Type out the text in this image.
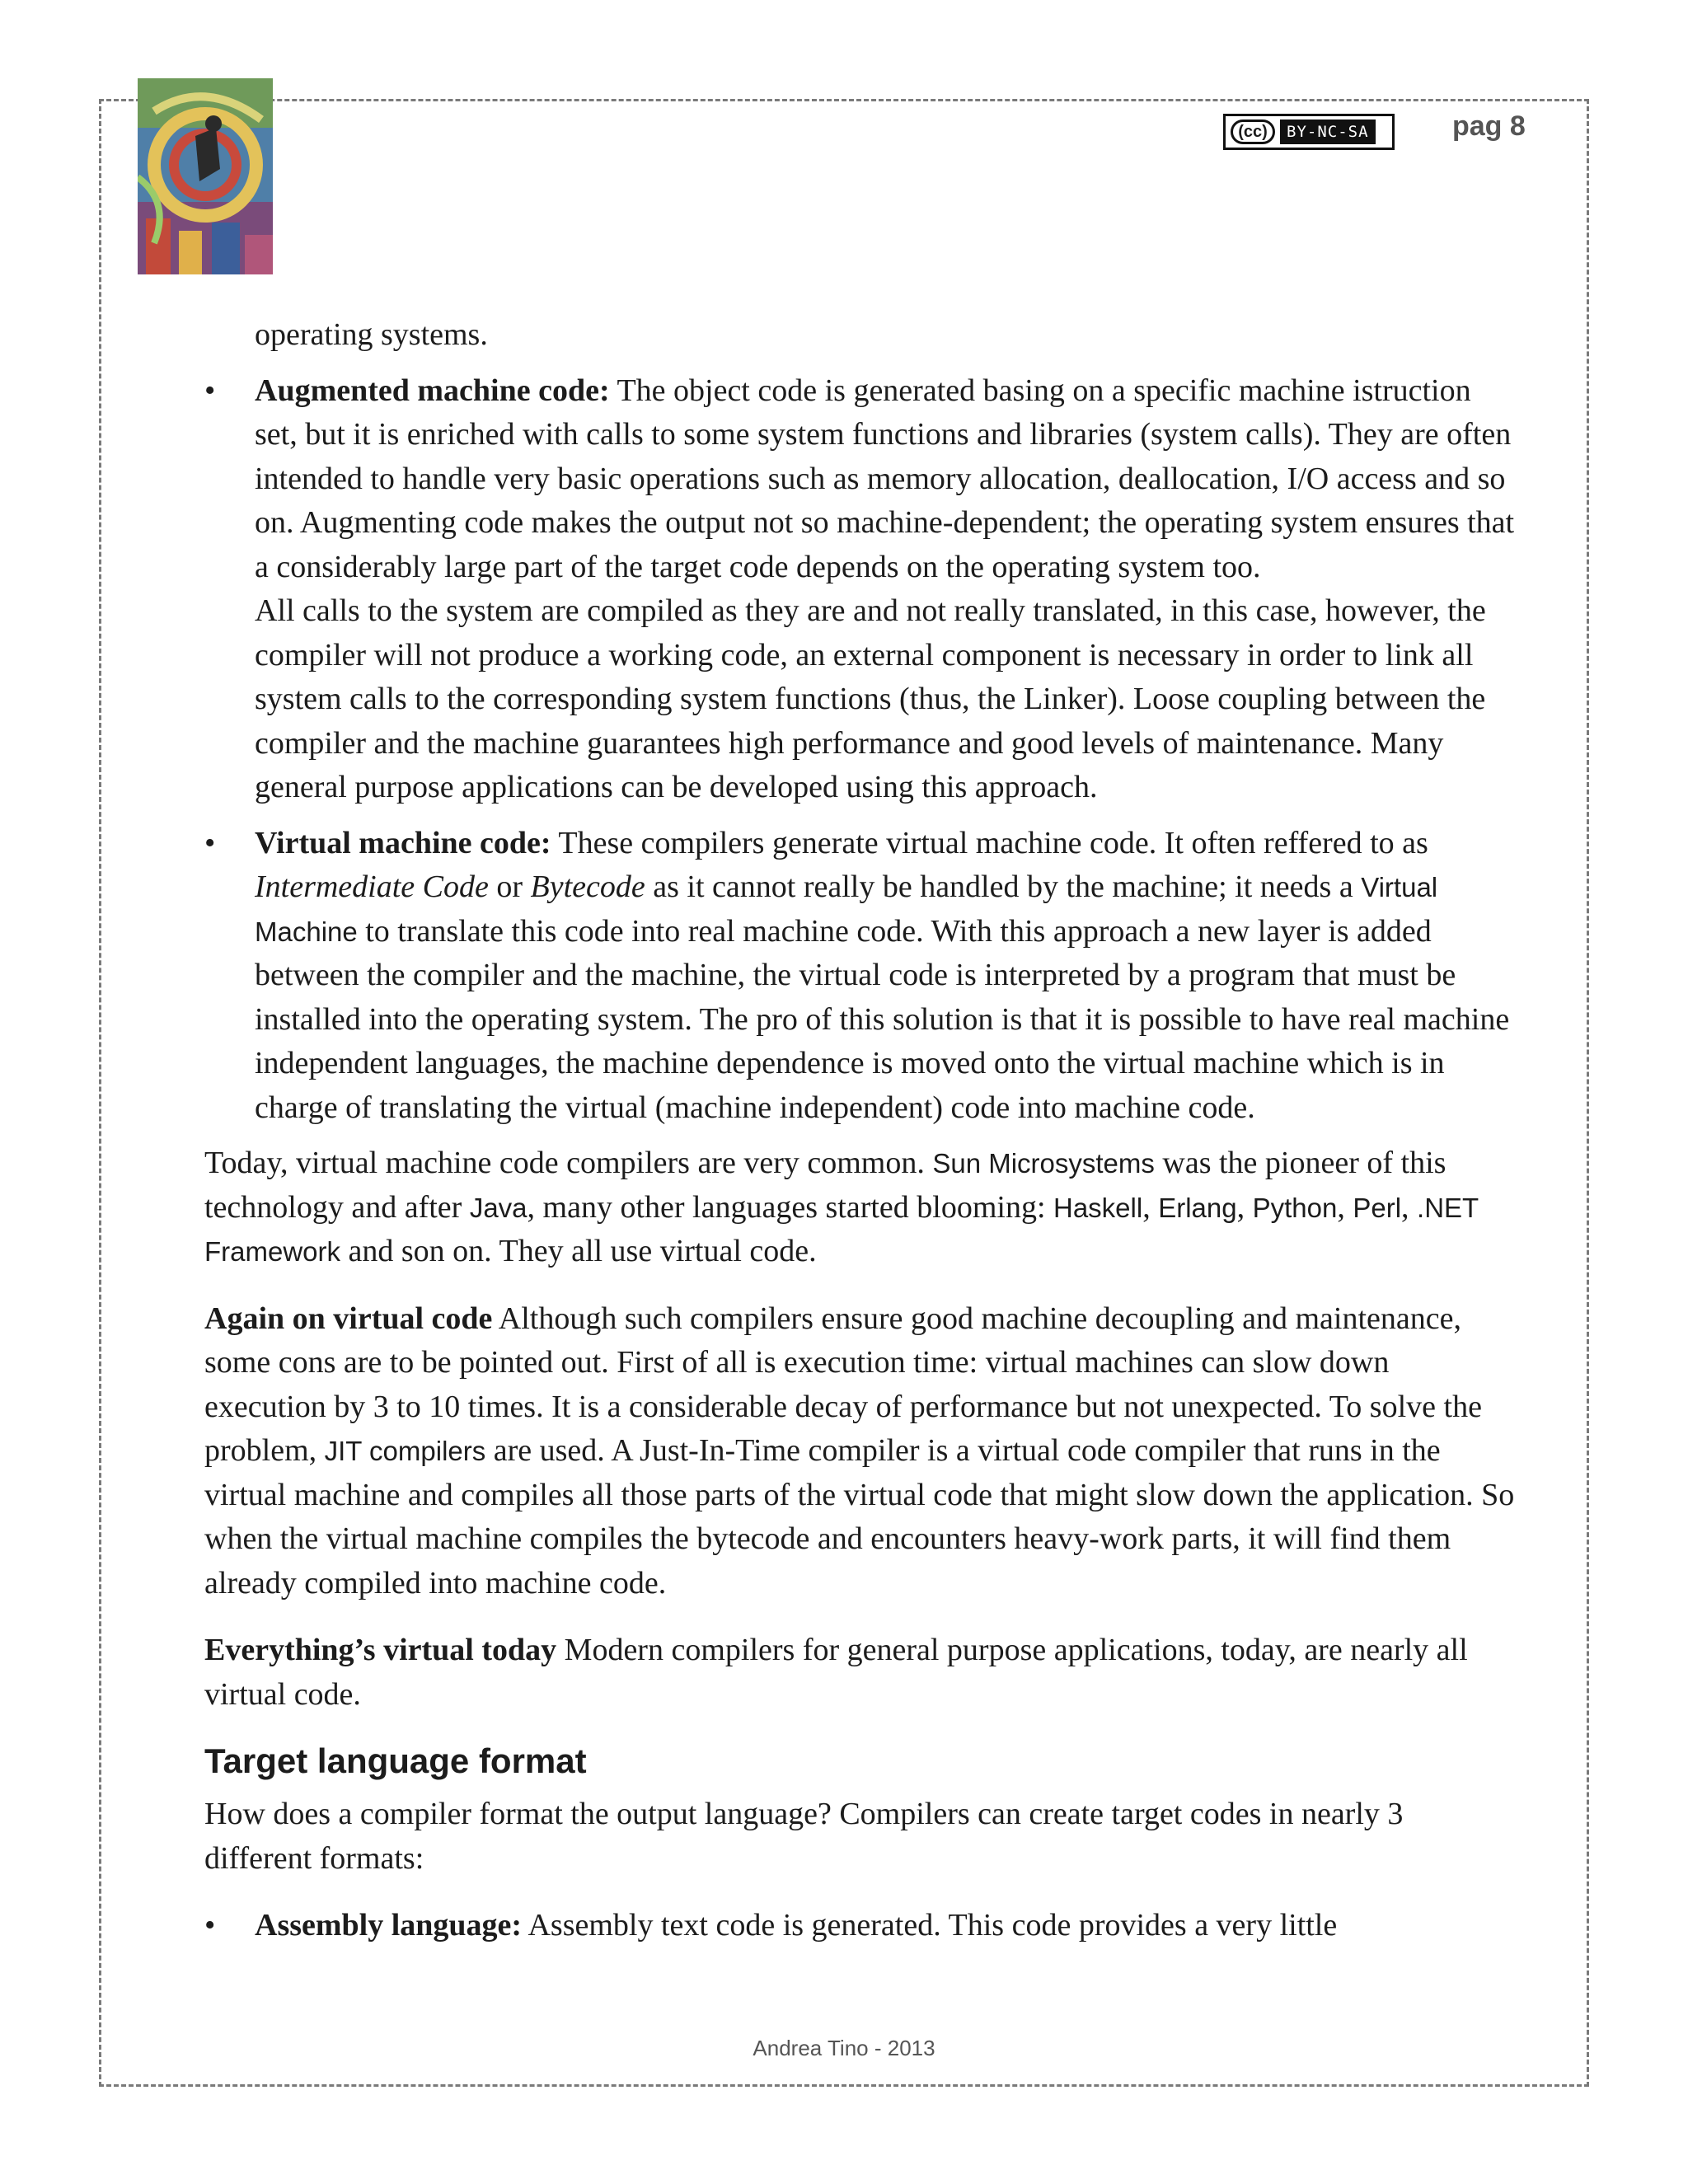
(cc)	BY-NC-SA	pag 8

operating systems.

•	Augmented machine code: The object code is generated basing on a specific machine istruction set, but it is enriched with calls to some system functions and libraries (system calls). They are often intended to handle very basic operations such as memory allocation, deallocation, I/O access and so on. Augmenting code makes the output not so machine-dependent; the operating system ensures that a considerably large part of the target code depends on the operating system too.

All calls to the system are compiled as they are and not really translated, in this case, however, the compiler will not produce a working code, an external component is necessary in order to link all system calls to the corresponding system functions (thus, the Linker). Loose coupling between the compiler and the machine guarantees high performance and good levels of maintenance. Many general purpose applications can be developed using this approach.

•	Virtual machine code: These compilers generate virtual machine code. It often reffered to as Intermediate Code or Bytecode as it cannot really be handled by the machine; it needs a Virtual Machine to translate this code into real machine code. With this approach a new layer is added between the compiler and the machine, the virtual code is interpreted by a program that must be installed into the operating system. The pro of this solution is that it is possible to have real machine independent languages, the machine dependence is moved onto the virtual machine which is in charge of translating the virtual (machine independent) code into machine code.

Today, virtual machine code compilers are very common. Sun Microsystems was the pioneer of this technology and after Java, many other languages started blooming: Haskell, Erlang, Python, Perl, .NET Framework and son on. They all use virtual code.

Again on virtual code Although such compilers ensure good machine decoupling and maintenance, some cons are to be pointed out. First of all is execution time: virtual machines can slow down execution by 3 to 10 times. It is a considerable decay of performance but not unexpected. To solve the problem, JIT compilers are used. A Just-In-Time compiler is a virtual code compiler that runs in the virtual machine and compiles all those parts of the virtual code that might slow down the application. So when the virtual machine compiles the bytecode and encounters heavy-work parts, it will find them already compiled into machine code.

Everything’s virtual today Modern compilers for general purpose applications, today, are nearly all virtual code.

Target language format

How does a compiler format the output language? Compilers can create target codes in nearly 3 different formats:

•	Assembly language: Assembly text code is generated. This code provides a very little

Andrea Tino - 2013
